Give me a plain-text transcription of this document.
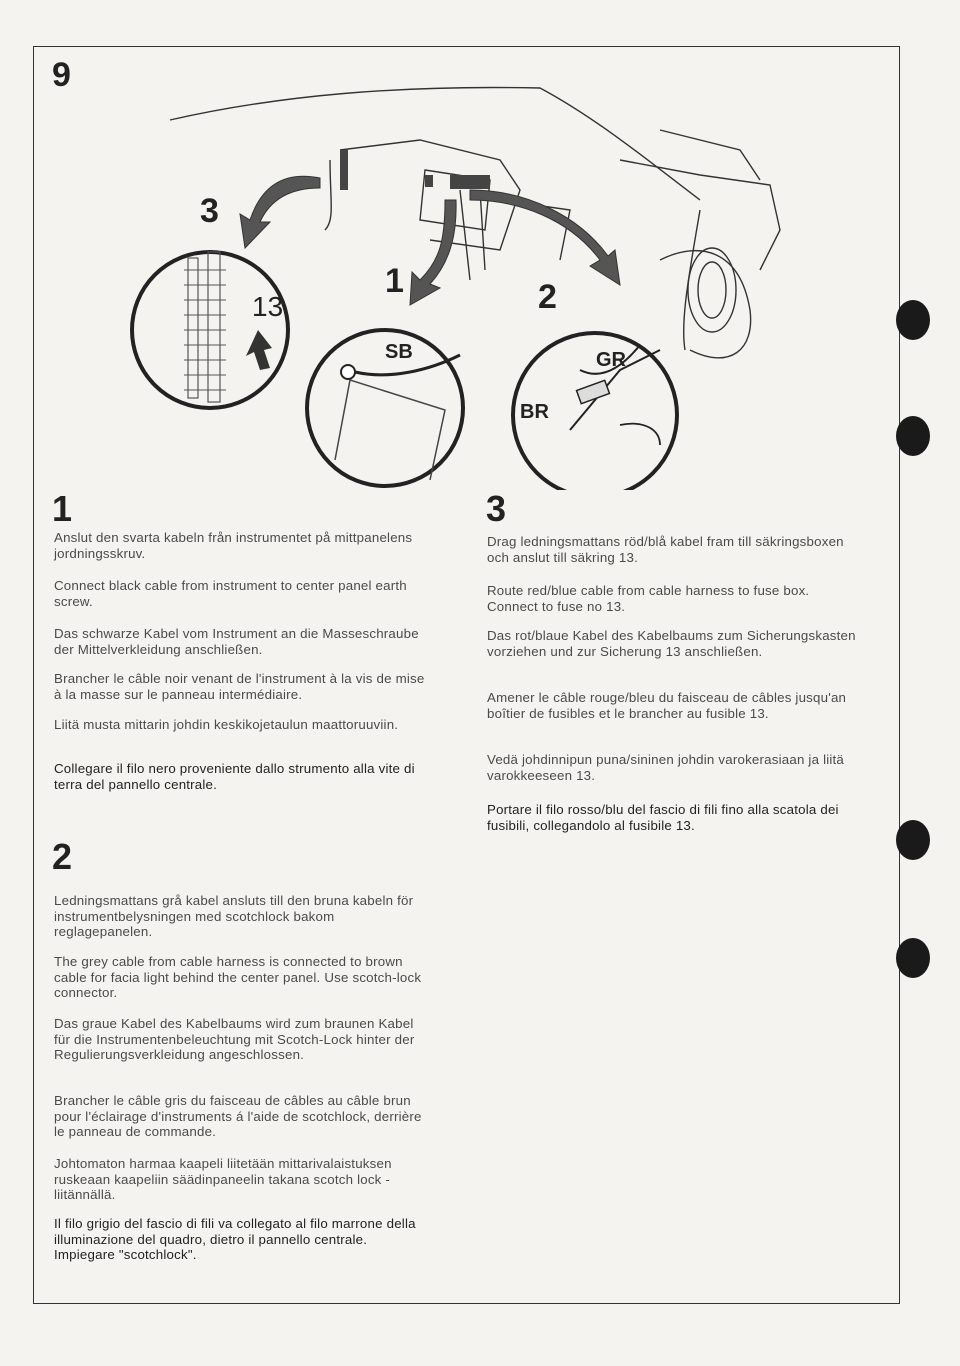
9
3
13
1
SB
2
GR
BR
1

Anslut den svarta kabeln från instrumentet på mittpanelens jordningsskruv.

Connect black cable from instrument to center panel earth screw.

Das schwarze Kabel vom Instrument an die Masseschraube der Mittelverkleidung anschließen.

Brancher le câble noir venant de l'instrument à la vis de mise à la masse sur le panneau intermédiaire.

Liitä musta mittarin johdin keskikojetaulun maattoruuviin.

Collegare il filo nero proveniente dallo strumento alla vite di terra del pannello centrale.

2

Ledningsmattans grå kabel ansluts till den bruna kabeln för instrumentbelysningen med scotchlock bakom reglagepanelen.

The grey cable from cable harness is connected to brown cable for facia light behind the center panel. Use scotch-lock connector.

Das graue Kabel des Kabelbaums wird zum braunen Kabel für die Instrumentenbeleuchtung mit Scotch-Lock hinter der Regulierungsverkleidung angeschlossen.

Brancher le câble gris du faisceau de câbles au câble brun pour l'éclairage d'instruments á l'aide de scotchlock, derrière le panneau de commande.

Johtomaton harmaa kaapeli liitetään mittarivalaistuksen ruskeaan kaapeliin säädinpaneelin takana scotch lock -liitännällä.

Il filo grigio del fascio di fili va collegato al filo marrone della illuminazione del quadro, dietro il pannello centrale. Impiegare "scotchlock".

3

Drag ledningsmattans röd/blå kabel fram till säkringsboxen och anslut till säkring 13.

Route red/blue cable from cable harness to fuse box. Connect to fuse no 13.

Das rot/blaue Kabel des Kabelbaums zum Sicherungskasten vorziehen und zur Sicherung 13 anschließen.

Amener le câble rouge/bleu du faisceau de câbles jusqu'an boîtier de fusibles et le brancher au fusible 13.

Vedä johdinnipun puna/sininen johdin varokerasiaan ja liitä varokkeeseen 13.

Portare il filo rosso/blu del fascio di fili fino alla scatola dei fusibili, collegandolo al fusibile 13.
